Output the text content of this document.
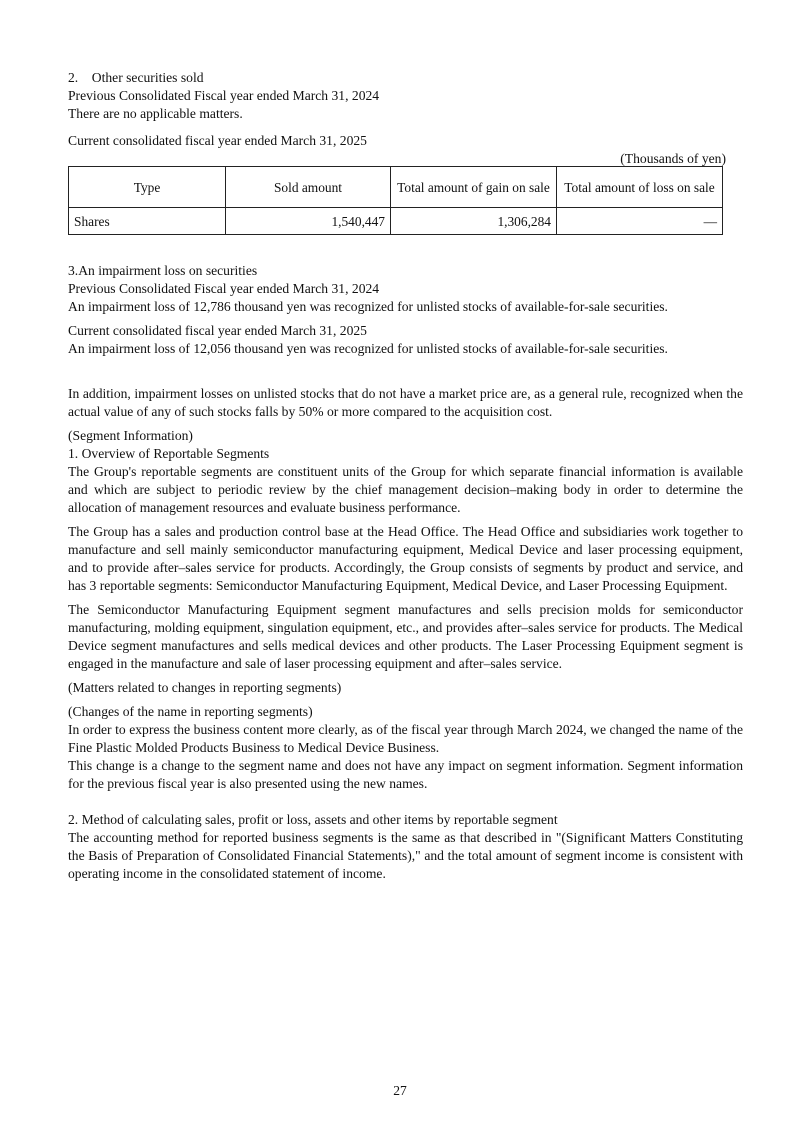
2.　Other securities sold

Previous Consolidated Fiscal year ended March 31, 2024

There are no applicable matters.

Current consolidated fiscal year ended March 31, 2025

(Thousands of yen)
Type	Sold amount	Total amount of gain on sale	Total amount of loss on sale
Shares	1,540,447	1,306,284	―

3.An impairment loss on securities

Previous Consolidated Fiscal year ended March 31, 2024

An impairment loss of 12,786 thousand yen was recognized for unlisted stocks of available-for-sale securities.

Current consolidated fiscal year ended March 31, 2025

An impairment loss of 12,056 thousand yen was recognized for unlisted stocks of available-for-sale securities.

In addition, impairment losses on unlisted stocks that do not have a market price are, as a general rule, recognized when the actual value of any of such stocks falls by 50% or more compared to the acquisition cost.

(Segment Information)

1. Overview of Reportable Segments

The Group's reportable segments are constituent units of the Group for which separate financial information is available and which are subject to periodic review by the chief management decision–making body in order to determine the allocation of management resources and evaluate business performance.

The Group has a sales and production control base at the Head Office. The Head Office and subsidiaries work together to manufacture and sell mainly semiconductor manufacturing equipment, Medical Device and laser processing equipment, and to provide after–sales service for products. Accordingly, the Group consists of segments by product and service, and has 3 reportable segments: Semiconductor Manufacturing Equipment, Medical Device, and Laser Processing Equipment.

The Semiconductor Manufacturing Equipment segment manufactures and sells precision molds for semiconductor manufacturing, molding equipment, singulation equipment, etc., and provides after–sales service for products. The Medical Device segment manufactures and sells medical devices and other products. The Laser Processing Equipment segment is engaged in the manufacture and sale of laser processing equipment and after–sales service.

(Matters related to changes in reporting segments)

(Changes of the name in reporting segments)

In order to express the business content more clearly, as of the fiscal year through March 2024, we changed the name of the Fine Plastic Molded Products Business to Medical Device Business.

This change is a change to the segment name and does not have any impact on segment information. Segment information for the previous fiscal year is also presented using the new names.

2. Method of calculating sales, profit or loss, assets and other items by reportable segment

The accounting method for reported business segments is the same as that described in "(Significant Matters Constituting the Basis of Preparation of Consolidated Financial Statements)," and the total amount of segment income is consistent with operating income in the consolidated statement of income.

27
